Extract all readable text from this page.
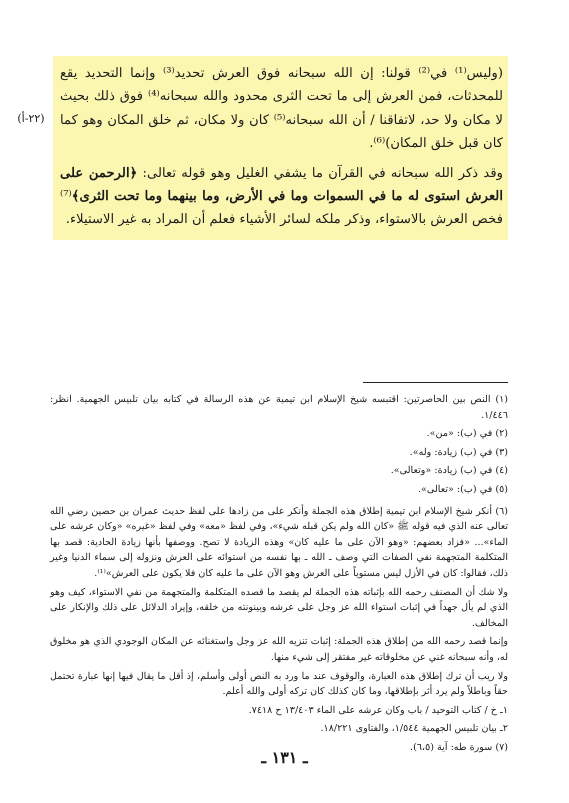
(وليس⁽¹⁾ في⁽²⁾ قولنا: إن الله سبحانه فوق العرش تحديد⁽³⁾ وإنما التحديد يقع للمحدثات، فمن العرش إلى ما تحت الثرى محدود والله سبحانه⁽⁴⁾ فوق ذلك بحيث لا مكان ولا حد، لاتفاقنا / أن الله سبحانه⁽⁵⁾ كان ولا مكان، ثم خلق المكان وهو كما كان قبل خلق المكان)⁽⁶⁾.

وقد ذكر الله سبحانه في القرآن ما يشفي الغليل وهو قوله تعالى: ﴿الرحمن على العرش استوى له ما في السموات وما في الأرض، وما بينهما وما تحت الثرى﴾⁽⁷⁾ فخص العرش بالاستواء، وذكر ملكه لسائر الأشياء فعلم أن المراد به غير الاستيلاء.

(٢٢-أ)

(١) النص بين الحاصرتين: اقتبسه شيخ الإسلام ابن تيمية عن هذه الرسالة في كتابه بيان تلبيس الجهمية. انظر: ١/٤٤٦.

(٢) في (ب): «من».

(٣) في (ب) زيادة: وله».

(٤) في (ب) زيادة: «وتعالى».

(٥) في (ب): «تعالى».

(٦) أنكر شيخ الإسلام ابن تيمية إطلاق هذه الجملة وأنكر على من زادها على لفظ حديث عمران بن حصين رضي الله تعالى عنه الذي فيه قوله ﷺ «كان الله ولم يكن قبله شيء»، وفي لفظ «معه» وفي لفظ «غيره» «وكان عرشه على الماء»... «فزاد بعضهم: «وهو الآن على ما عليه كان» وهذه الزيادة لا تصح. ووصفها بأنها زيادة الحادية: قصد بها المتكلمة المتجهمة نفي الصفات التي وصف ـ الله ـ بها نفسه من استوائه على العرش ونزوله إلى سماء الدنيا وغير ذلك، فقالوا: كان في الأزل ليس مستوياً على العرش وهو الآن على ما عليه كان فلا يكون على العرش»⁽¹⁾.

ولا شك أن المصنف رحمه الله بإثباته هذه الجملة لم يقصد ما قصده المتكلمة والمتجهمة من نفي الاستواء، كيف وهو الذي لم يأل جهداً في إثبات استواء الله عز وجل على عرشه وبينونته من خلقه، وإيراد الدلائل على ذلك والإنكار على المخالف.

وإنما قصد رحمه الله من إطلاق هذه الجملة: إثبات تنزيه الله عز وجل واستغنائه عن المكان الوجودي الذي هو مخلوق له، وأنه سبحانه غني عن مخلوقاته غير مفتقر إلى شيء منها.

ولا ريب أن ترك إطلاق هذه العبارة، والوقوف عند ما ورد به النص أولى وأسلم، إذ أقل ما يقال فيها إنها عبارة تحتمل حقاً وباطلاً ولم يرد أثر بإطلاقها، وما كان كذلك كان تركه أولى والله أعلم.

١ـ خ / كتاب التوحيد / باب وكان عرشه على الماء ١٣/٤٠٣ ح ٧٤١٨.

٢ـ بيان تلبيس الجهمية ١/٥٤٤، والفتاوى ١٨/٢٢١.

(٧) سورة طه: آية (٦،٥).

ـ ١٣١ ـ
